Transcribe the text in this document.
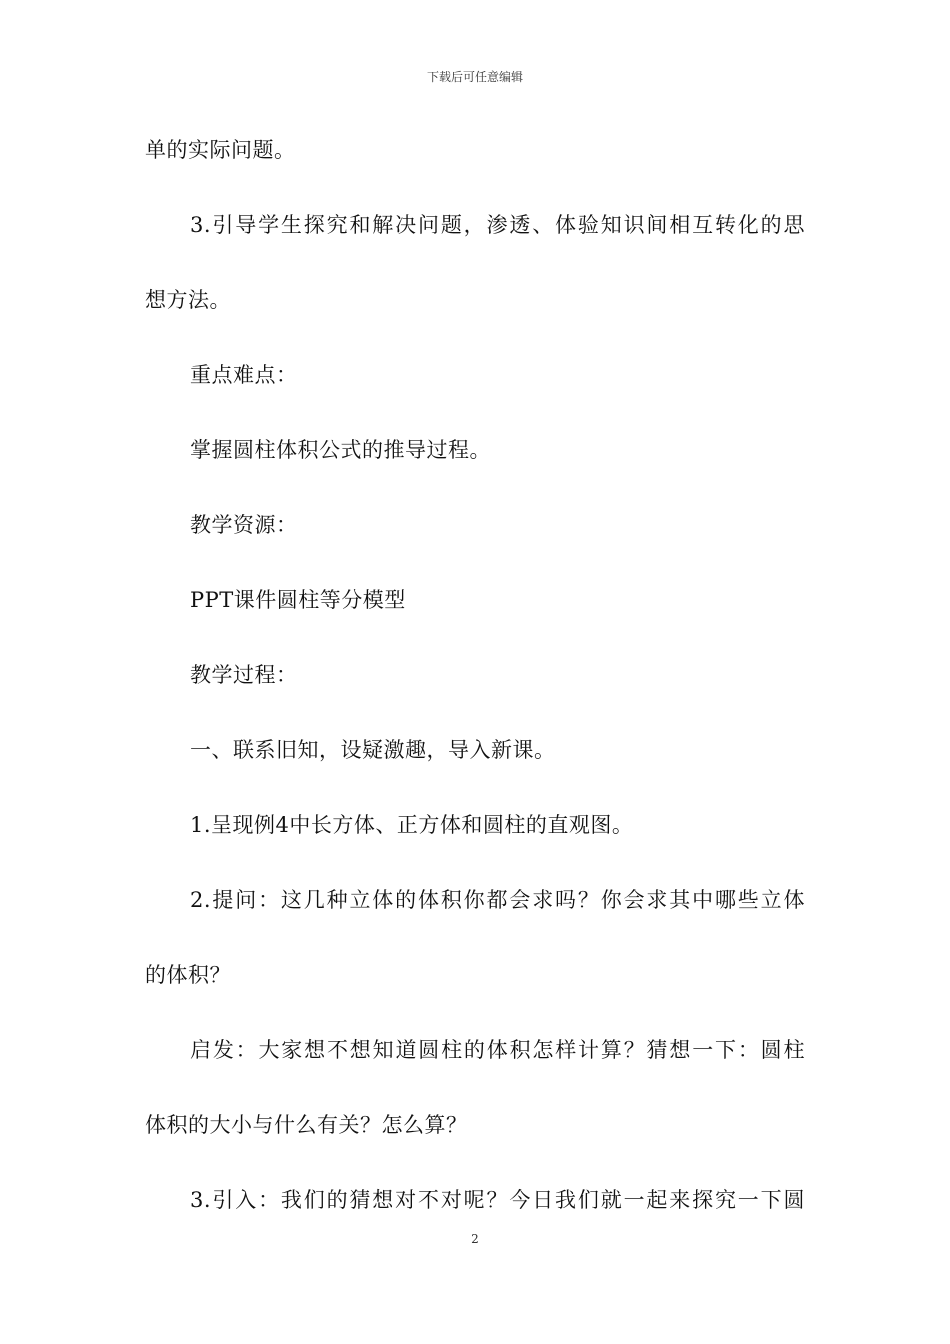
下载后可任意编辑
单的实际问题。
3.引导学生探究和解决问题，渗透、体验知识间相互转化的思
想方法。
重点难点：
掌握圆柱体积公式的推导过程。
教学资源：
PPT课件圆柱等分模型
教学过程：
一、联系旧知，设疑激趣，导入新课。
1.呈现例4中长方体、正方体和圆柱的直观图。
2.提问：这几种立体的体积你都会求吗？你会求其中哪些立体
的体积？
启发：大家想不想知道圆柱的体积怎样计算？猜想一下：圆柱
体积的大小与什么有关？怎么算？
3.引入：我们的猜想对不对呢？今日我们就一起来探究一下圆
2
